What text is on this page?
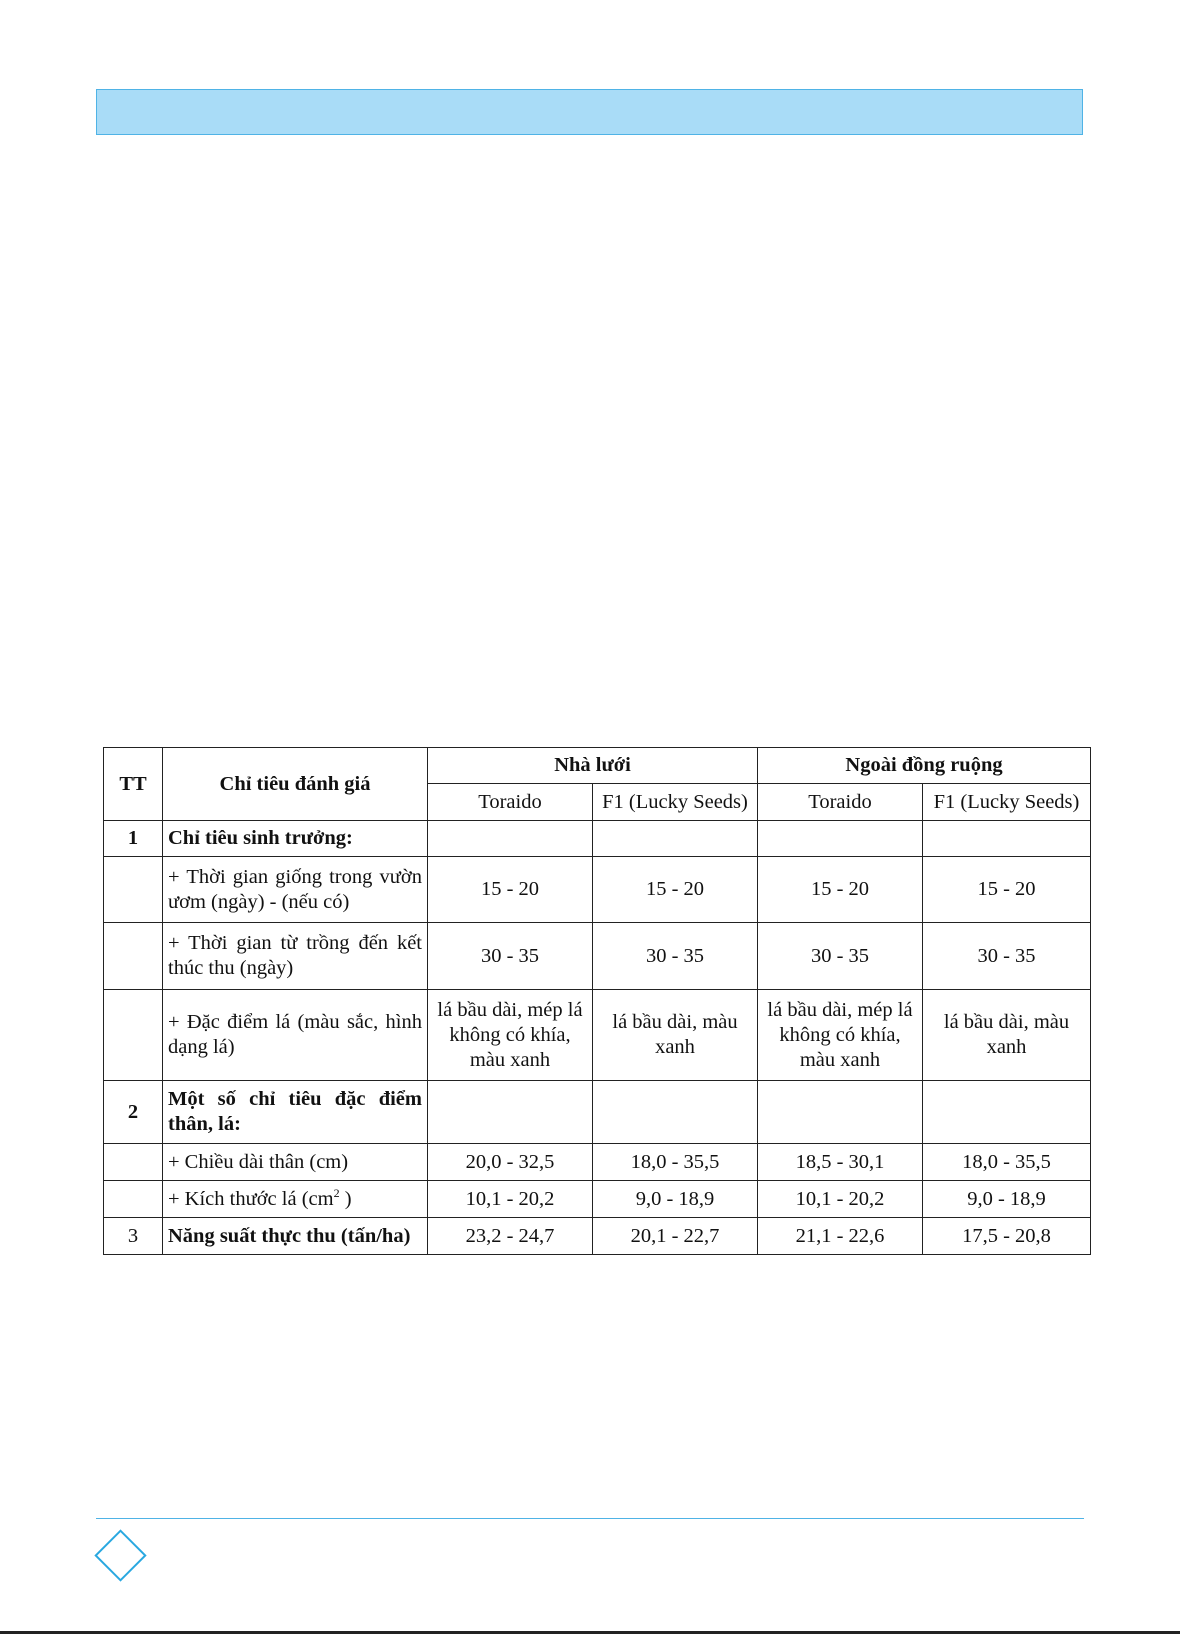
TT	Chỉ tiêu đánh giá	Nhà lưới		Ngoài đồng ruộng	
		Toraido	F1 (Lucky Seeds)	Toraido	F1 (Lucky Seeds)
1	Chỉ tiêu sinh trưởng:				
	+ Thời gian giống trong vườn ươm (ngày) - (nếu có)	15 - 20	15 - 20	15 - 20	15 - 20
	+ Thời gian từ trồng đến kết thúc thu (ngày)	30 - 35	30 - 35	30 - 35	30 - 35
	+ Đặc điểm lá (màu sắc, hình dạng lá)	lá bầu dài, mép lá không có khía, màu xanh	lá bầu dài, màu xanh	lá bầu dài, mép lá không có khía, màu xanh	lá bầu dài, màu xanh
2	Một số chỉ tiêu đặc điểm thân, lá:				
	+ Chiều dài thân (cm)	20,0 - 32,5	18,0 - 35,5	18,5 - 30,1	18,0 - 35,5
	+ Kích thước lá ($cm^2$ )	10,1 - 20,2	9,0 - 18,9	10,1 - 20,2	9,0 - 18,9
3	Năng suất thực thu (tấn/ha)	23,2 - 24,7	20,1 - 22,7	21,1 - 22,6	17,5 - 20,8
